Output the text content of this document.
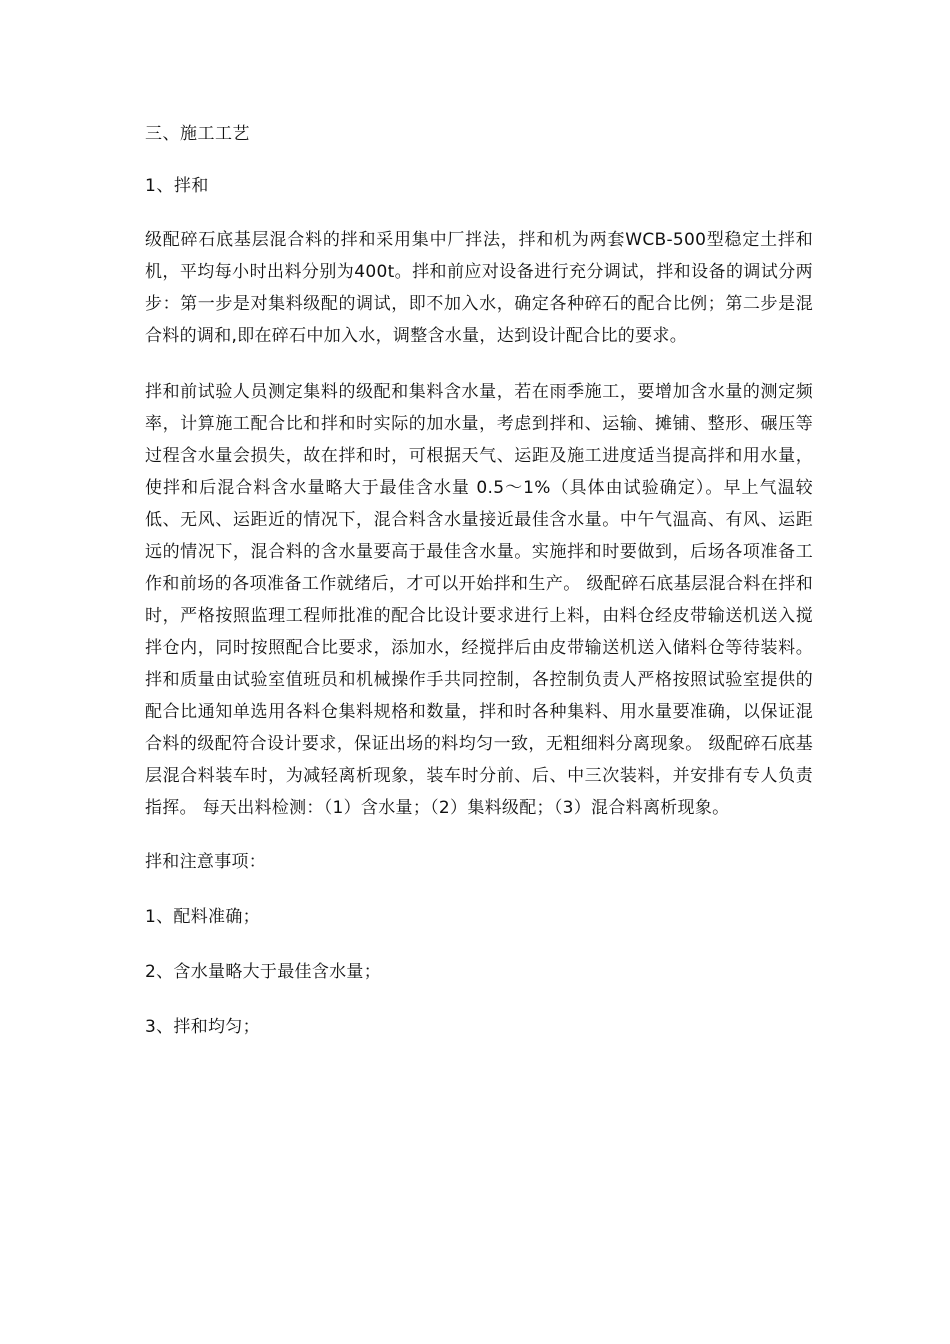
三、施工工艺
1、拌和
级配碎石底基层混合料的拌和采用集中厂拌法，拌和机为两套WCB-500型稳定土拌和机，平均每小时出料分别为400t。拌和前应对设备进行充分调试，拌和设备的调试分两步：第一步是对集料级配的调试，即不加入水，确定各种碎石的配合比例；第二步是混合料的调和,即在碎石中加入水，调整含水量，达到设计配合比的要求。
拌和前试验人员测定集料的级配和集料含水量，若在雨季施工，要增加含水量的测定频率，计算施工配合比和拌和时实际的加水量，考虑到拌和、运输、摊铺、整形、碾压等过程含水量会损失，故在拌和时，可根据天气、运距及施工进度适当提高拌和用水量，使拌和后混合料含水量略大于最佳含水量 0.5～1%（具体由试验确定）。早上气温较低、无风、运距近的情况下，混合料含水量接近最佳含水量。中午气温高、有风、运距远的情况下，混合料的含水量要高于最佳含水量。实施拌和时要做到，后场各项准备工作和前场的各项准备工作就绪后，才可以开始拌和生产。 级配碎石底基层混合料在拌和时，严格按照监理工程师批准的配合比设计要求进行上料，由料仓经皮带输送机送入搅拌仓内，同时按照配合比要求，添加水，经搅拌后由皮带输送机送入储料仓等待装料。拌和质量由试验室值班员和机械操作手共同控制，各控制负责人严格按照试验室提供的配合比通知单选用各料仓集料规格和数量，拌和时各种集料、用水量要准确，以保证混合料的级配符合设计要求，保证出场的料均匀一致，无粗细料分离现象。 级配碎石底基层混合料装车时，为减轻离析现象，装车时分前、后、中三次装料，并安排有专人负责指挥。 每天出料检测：（1）含水量；（2）集料级配；（3）混合料离析现象。
拌和注意事项：
1、配料准确；
2、含水量略大于最佳含水量；
3、拌和均匀；
